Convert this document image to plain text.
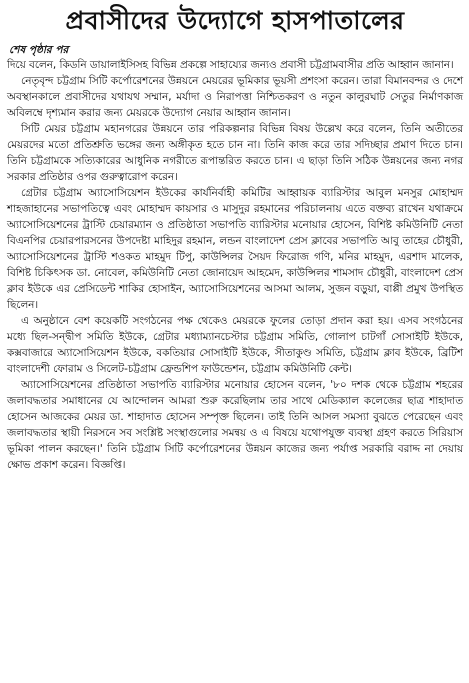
প্রবাসীদের উদ্যোগে হাসপাতালের
শেষ পৃষ্ঠার পর

দিয়ে বলেন, কিডনি ডায়ালাইসিসহ বিভিন্ন প্রকল্পে সাহায্যের জন্যও প্রবাসী চট্টগ্রামবাসীর প্রতি আহ্বান জানান।

নেতৃবৃন্দ চট্টগ্রাম সিটি কর্পোরেশনের উন্নয়নে মেয়রের ভূমিকার ভূয়সী প্রশংসা করেন। তারা বিমানবন্দর ও দেশে অবস্থানকালে প্রবাসীদের যথাযথ সম্মান, মর্যাদা ও নিরাপত্তা নিশ্চিতকরণ ও নতুন কালুরঘাট সেতুর নির্মাণকাজ অবিলম্বে দৃশ্যমান করার জন্য মেয়রকে উদ্যোগ নেয়ার আহ্বান জানান।

সিটি মেয়র চট্টগ্রাম মহানগরের উন্নয়নে তার পরিকল্পনার বিভিন্ন বিষয় উল্লেখ করে বলেন, তিনি অতীতের মেয়রদের মতো প্রতিশ্রুতি ভঙ্গের জন্য অঙ্গীকৃত হতে চান না। তিনি কাজ করে তার সদিচ্ছার প্রমাণ দিতে চান। তিনি চট্টগ্রামকে সত্যিকারের আধুনিক নগরীতে রূপান্তরিত করতে চান। এ ছাড়া তিনি সঠিক উন্নয়নের জন্য নগর সরকার প্রতিষ্ঠার ওপর গুরুত্বারোপ করেন।

গ্রেটার চট্টগ্রাম অ্যাসোসিয়েশন ইউকের কার্যনির্বাহী কমিটির আহ্বায়ক ব্যারিস্টার আবুল মনসুর মোহাম্মদ শাহজাহানের সভাপতিত্বে এবং মোহাম্মদ কায়সার ও মাসুদুর রহমানের পরিচালনায় এতে বক্তব্য রাখেন যথাক্রমে অ্যাসোসিয়েশনের ট্রাস্টি চেয়ারম্যান ও প্রতিষ্ঠাতা সভাপতি ব্যারিস্টার মনোয়ার হোসেন, বিশিষ্ট কমিউনিটি নেতা বিএনপির চেয়ারপারসনের উপদেষ্টা মাহিদুর রহমান, লন্ডন বাংলাদেশ প্রেস ক্লাবের সভাপতি আবু তাহের চৌধুরী, অ্যাসোসিয়েশনের ট্রাস্টি শওকত মাহমুদ টিপু, কাউন্সিলর সৈয়দ ফিরোজ গণি, মনির মাহমুদ, এরশাদ মালেক, বিশিষ্ট চিকিৎসক ডা. নোবেল, কমিউনিটি নেতা জোনায়েদ আহমেদ, কাউন্সিলর শামসাদ চৌধুরী, বাংলাদেশ প্রেস ক্লাব ইউকে এর প্রেসিডেন্ট শাকির হোসাইন, অ্যাসোসিয়েশনের আসমা আলম, সুজন বড়ুয়া, বাপ্পী প্রমুখ উপস্থিত ছিলেন।

এ অনুষ্ঠানে বেশ কয়েকটি সংগঠনের পক্ষ থেকেও মেয়রকে ফুলের তোড়া প্রদান করা হয়। এসব সংগঠনের মধ্যে ছিল-সন্দ্বীপ সমিতি ইউকে, গ্রেটার মধ্যাম্যানচেস্টার চট্টগ্রাম সমিতি, গোলাপ চাটগাঁ সোসাইটি ইউকে, কক্সবাজারে অ্যাসোসিয়েশন ইউকে, বকতিয়ার সোসাইটি ইউকে, সীতাকুণ্ড সমিতি, চট্টগ্রাম ক্লাব ইউকে, ব্রিটিশ বাংলাদেশী ফোরাম ও সিলেট-চট্টগ্রাম ফ্রেন্ডশিপ ফাউন্ডেশন, চট্টগ্রাম কমিউনিটি কেন্ট।

অ্যাসোসিয়েশনের প্রতিষ্ঠাতা সভাপতি ব্যারিস্টার মনোয়ার হোসেন বলেন, '৮০ দশক থেকে চট্টগ্রাম শহরের জলাবদ্ধতার সমাধানের যে আন্দোলন আমরা শুরু করেছিলাম তার সাথে মেডিক্যাল কলেজের ছাত্র শাহাদাত হোসেন আজকের মেয়র ডা. শাহাদাত হোসেন সম্পৃক্ত ছিলেন। তাই তিনি আসল সমস্যা বুঝতে পেরেছেন এবং জলাবদ্ধতার স্থায়ী নিরসনে সব সংশ্লিষ্ট সংস্থাগুলোর সমন্বয় ও এ বিষয়ে যথোপযুক্ত ব্যবস্থা গ্রহণ করতে সিরিয়াস ভূমিকা পালন করছেন।' তিনি চট্টগ্রাম সিটি কর্পোরেশনের উন্নয়ন কাজের জন্য পর্যাপ্ত সরকারি বরাদ্দ না দেয়ায় ক্ষোভ প্রকাশ করেন। বিজ্ঞপ্তি।
